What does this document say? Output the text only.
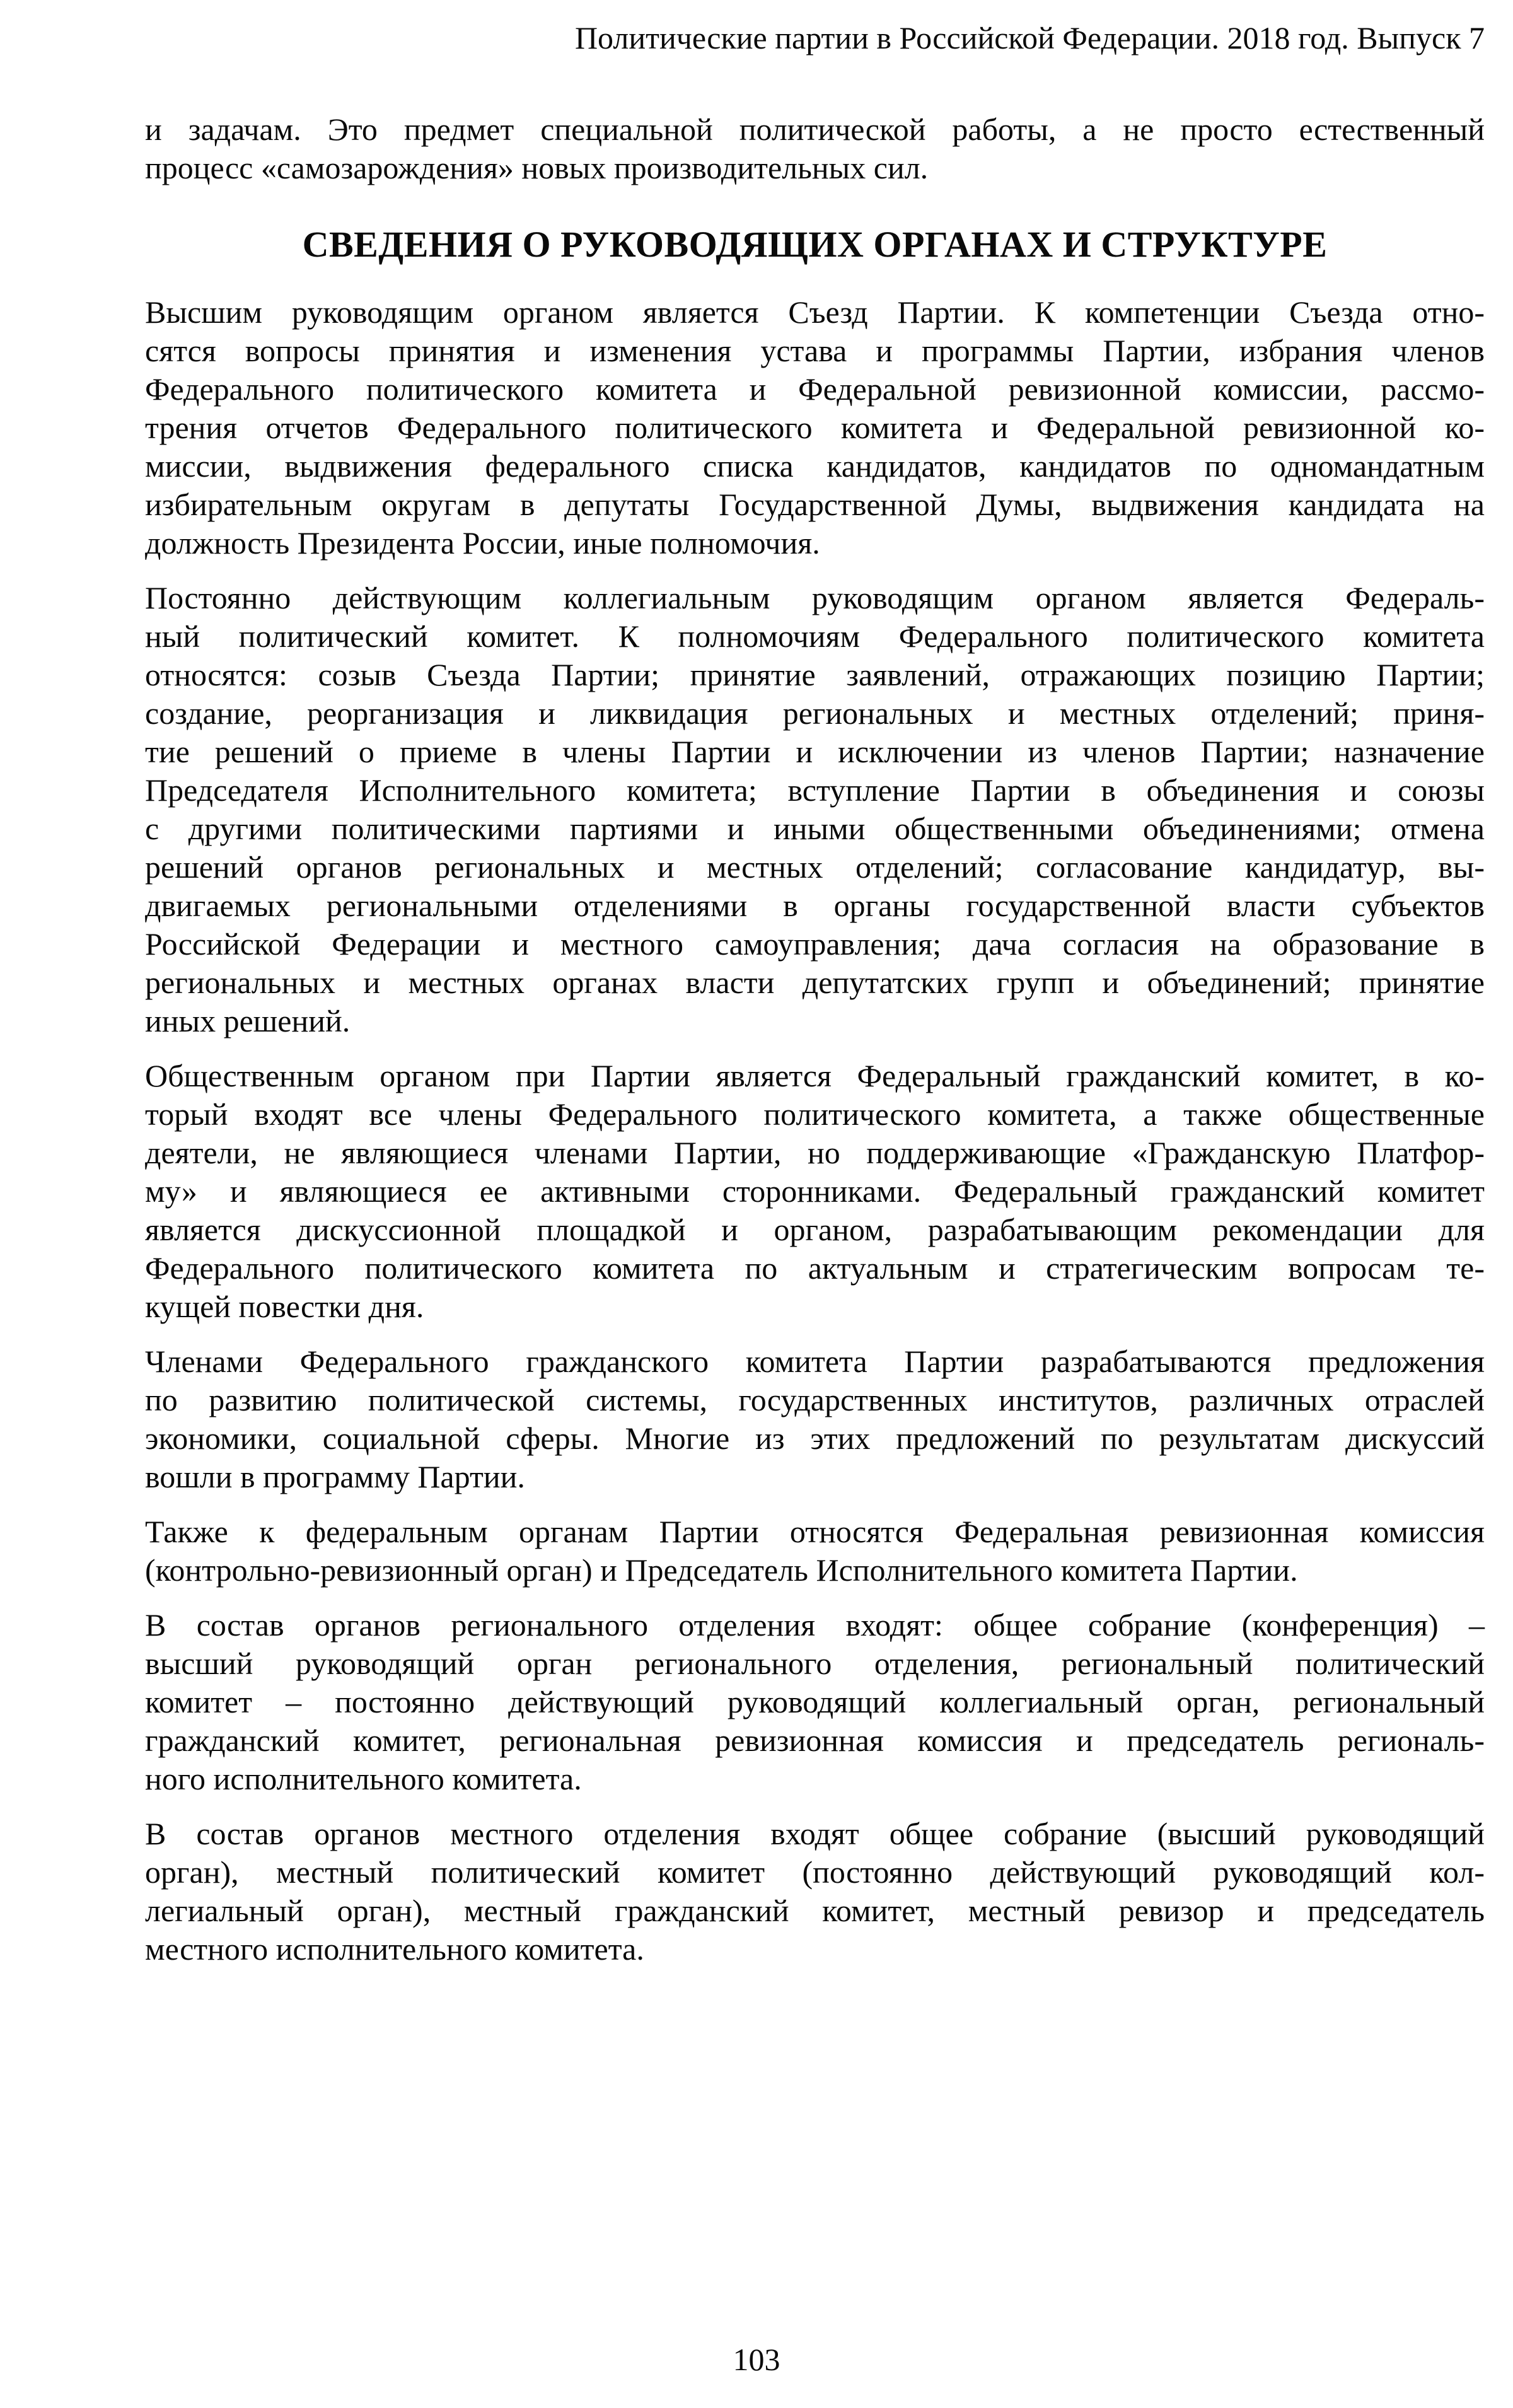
Политические партии в Российской Федерации. 2018 год. Выпуск 7
и задачам. Это предмет специальной политической работы, а не просто естественный
процесс «самозарождения» новых производительных сил.
СВЕДЕНИЯ О РУКОВОДЯЩИХ ОРГАНАХ И СТРУКТУРЕ
Высшим руководящим органом является Съезд Партии. К компетенции Съезда отно-
сятся вопросы принятия и изменения устава и программы Партии, избрания членов
Федерального политического комитета и Федеральной ревизионной комиссии, рассмо-
трения отчетов Федерального политического комитета и Федеральной ревизионной ко-
миссии, выдвижения федерального списка кандидатов, кандидатов по одномандатным
избирательным округам в депутаты Государственной Думы, выдвижения кандидата на
должность Президента России, иные полномочия.
Постоянно действующим коллегиальным руководящим органом является Федераль-
ный политический комитет. К полномочиям Федерального политического комитета
относятся: созыв Съезда Партии; принятие заявлений, отражающих позицию Партии;
создание, реорганизация и ликвидация региональных и местных отделений; приня-
тие решений о приеме в члены Партии и исключении из членов Партии; назначение
Председателя Исполнительного комитета; вступление Партии в объединения и союзы
с другими политическими партиями и иными общественными объединениями; отмена
решений органов региональных и местных отделений; согласование кандидатур, вы-
двигаемых региональными отделениями в органы государственной власти субъектов
Российской Федерации и местного самоуправления; дача согласия на образование в
региональных и местных органах власти депутатских групп и объединений; принятие
иных решений.
Общественным органом при Партии является Федеральный гражданский комитет, в ко-
торый входят все члены Федерального политического комитета, а также общественные
деятели, не являющиеся членами Партии, но поддерживающие «Гражданскую Платфор-
му» и являющиеся ее активными сторонниками. Федеральный гражданский комитет
является дискуссионной площадкой и органом, разрабатывающим рекомендации для
Федерального политического комитета по актуальным и стратегическим вопросам те-
кущей повестки дня.
Членами Федерального гражданского комитета Партии разрабатываются предложения
по развитию политической системы, государственных институтов, различных отраслей
экономики, социальной сферы. Многие из этих предложений по результатам дискуссий
вошли в программу Партии.
Также к федеральным органам Партии относятся Федеральная ревизионная комиссия
(контрольно-ревизионный орган) и Председатель Исполнительного комитета Партии.
В состав органов регионального отделения входят: общее собрание (конференция) –
высший руководящий орган регионального отделения, региональный политический
комитет – постоянно действующий руководящий коллегиальный орган, региональный
гражданский комитет, региональная ревизионная комиссия и председатель региональ-
ного исполнительного комитета.
В состав органов местного отделения входят общее собрание (высший руководящий
орган), местный политический комитет (постоянно действующий руководящий кол-
легиальный орган), местный гражданский комитет, местный ревизор и председатель
местного исполнительного комитета.
103
